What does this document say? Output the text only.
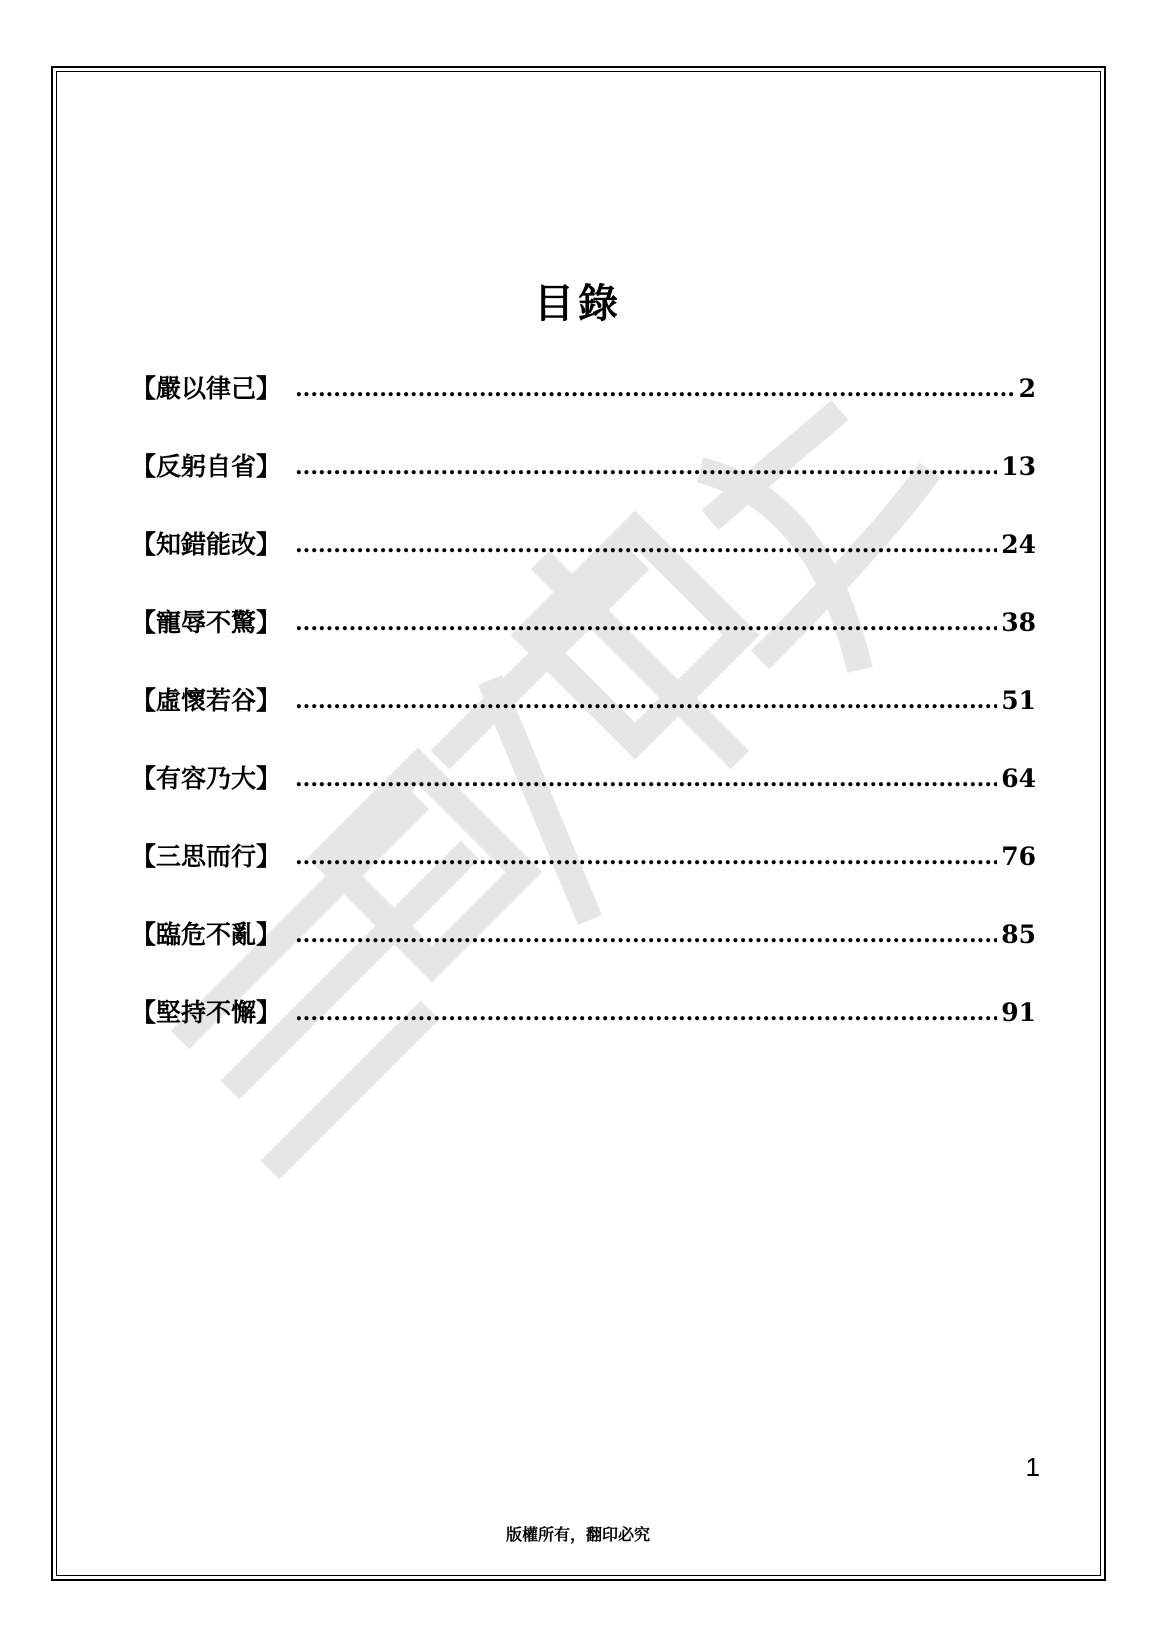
目錄
【嚴以律己】 .....	2
【反躬自省】 .....	13
【知錯能改】 .....	24
【寵辱不驚】 .....	38
【虛懷若谷】 .....	51
【有容乃大】 .....	64
【三思而行】 .....	76
【臨危不亂】 .....	85
【堅持不懈】 .....	91
1
版權所有，翻印必究
